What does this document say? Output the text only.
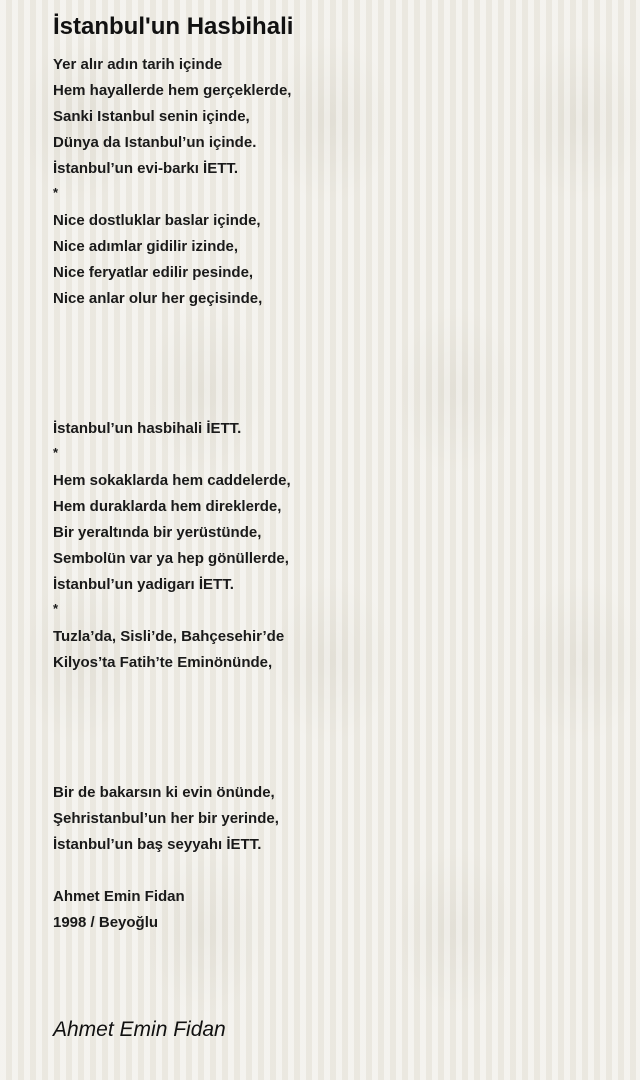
İstanbul'un Hasbihali
Yer alır adın tarih içinde
Hem hayallerde hem gerçeklerde,
Sanki Istanbul senin içinde,
Dünya da Istanbul’un içinde.
İstanbul’un evi-barkı İETT.
*
Nice dostluklar baslar içinde,
Nice adımlar gidilir izinde,
Nice feryatlar edilir pesinde,
Nice anlar olur her geçisinde,
İstanbul’un hasbihali İETT.
*
Hem sokaklarda hem caddelerde,
Hem duraklarda hem direklerde,
Bir yeraltında bir yerüstünde,
Sembolün var ya hep gönüllerde,
İstanbul’un yadigarı İETT.
*
Tuzla’da, Sisli’de, Bahçesehir’de
Kilyos’ta Fatih’te Eminönünde,
Bir de bakarsın ki evin önünde,
Şehristanbul’un her bir yerinde,
İstanbul’un baş seyyahı İETT.
Ahmet Emin Fidan
1998 / Beyoğlu
Ahmet Emin Fidan
